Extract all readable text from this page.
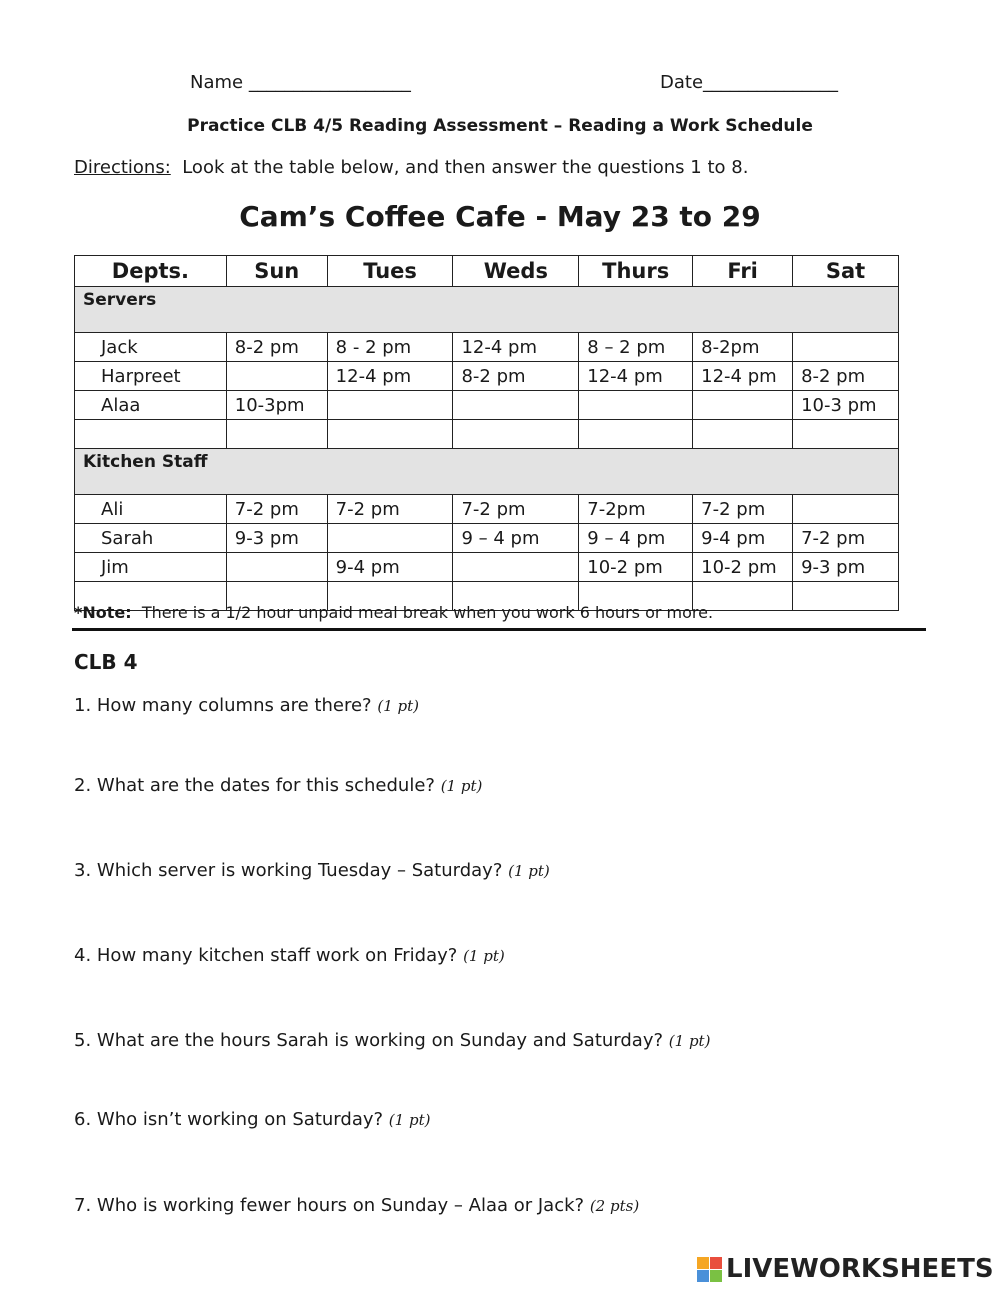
Name __________________	Date_______________
Practice CLB 4/5 Reading Assessment – Reading a Work Schedule
Directions: Look at the table below, and then answer the questions 1 to 8.
Cam’s Coffee Cafe - May 23 to 29
Depts.	Sun	Tues	Weds	Thurs	Fri	Sat
Servers						
Jack	8-2 pm	8 - 2 pm	12-4 pm	8 – 2 pm	8-2pm	
Harpreet		12-4 pm	8-2 pm	12-4 pm	12-4 pm	8-2 pm
Alaa	10-3pm					10-3 pm

Kitchen Staff						
Ali	7-2 pm	7-2 pm	7-2 pm	7-2pm	7-2 pm	
Sarah	9-3 pm		9 – 4 pm	9 – 4 pm	9-4 pm	7-2 pm
Jim		9-4 pm		10-2 pm	10-2 pm	9-3 pm

*Note: There is a 1/2 hour unpaid meal break when you work 6 hours or more.
CLB 4
1. How many columns are there? (1 pt)
2. What are the dates for this schedule? (1 pt)
3. Which server is working Tuesday – Saturday? (1 pt)
4. How many kitchen staff work on Friday? (1 pt)
5. What are the hours Sarah is working on Sunday and Saturday? (1 pt)
6. Who isn’t working on Saturday? (1 pt)
7. Who is working fewer hours on Sunday – Alaa or Jack? (2 pts)
LIVEWORKSHEETS
